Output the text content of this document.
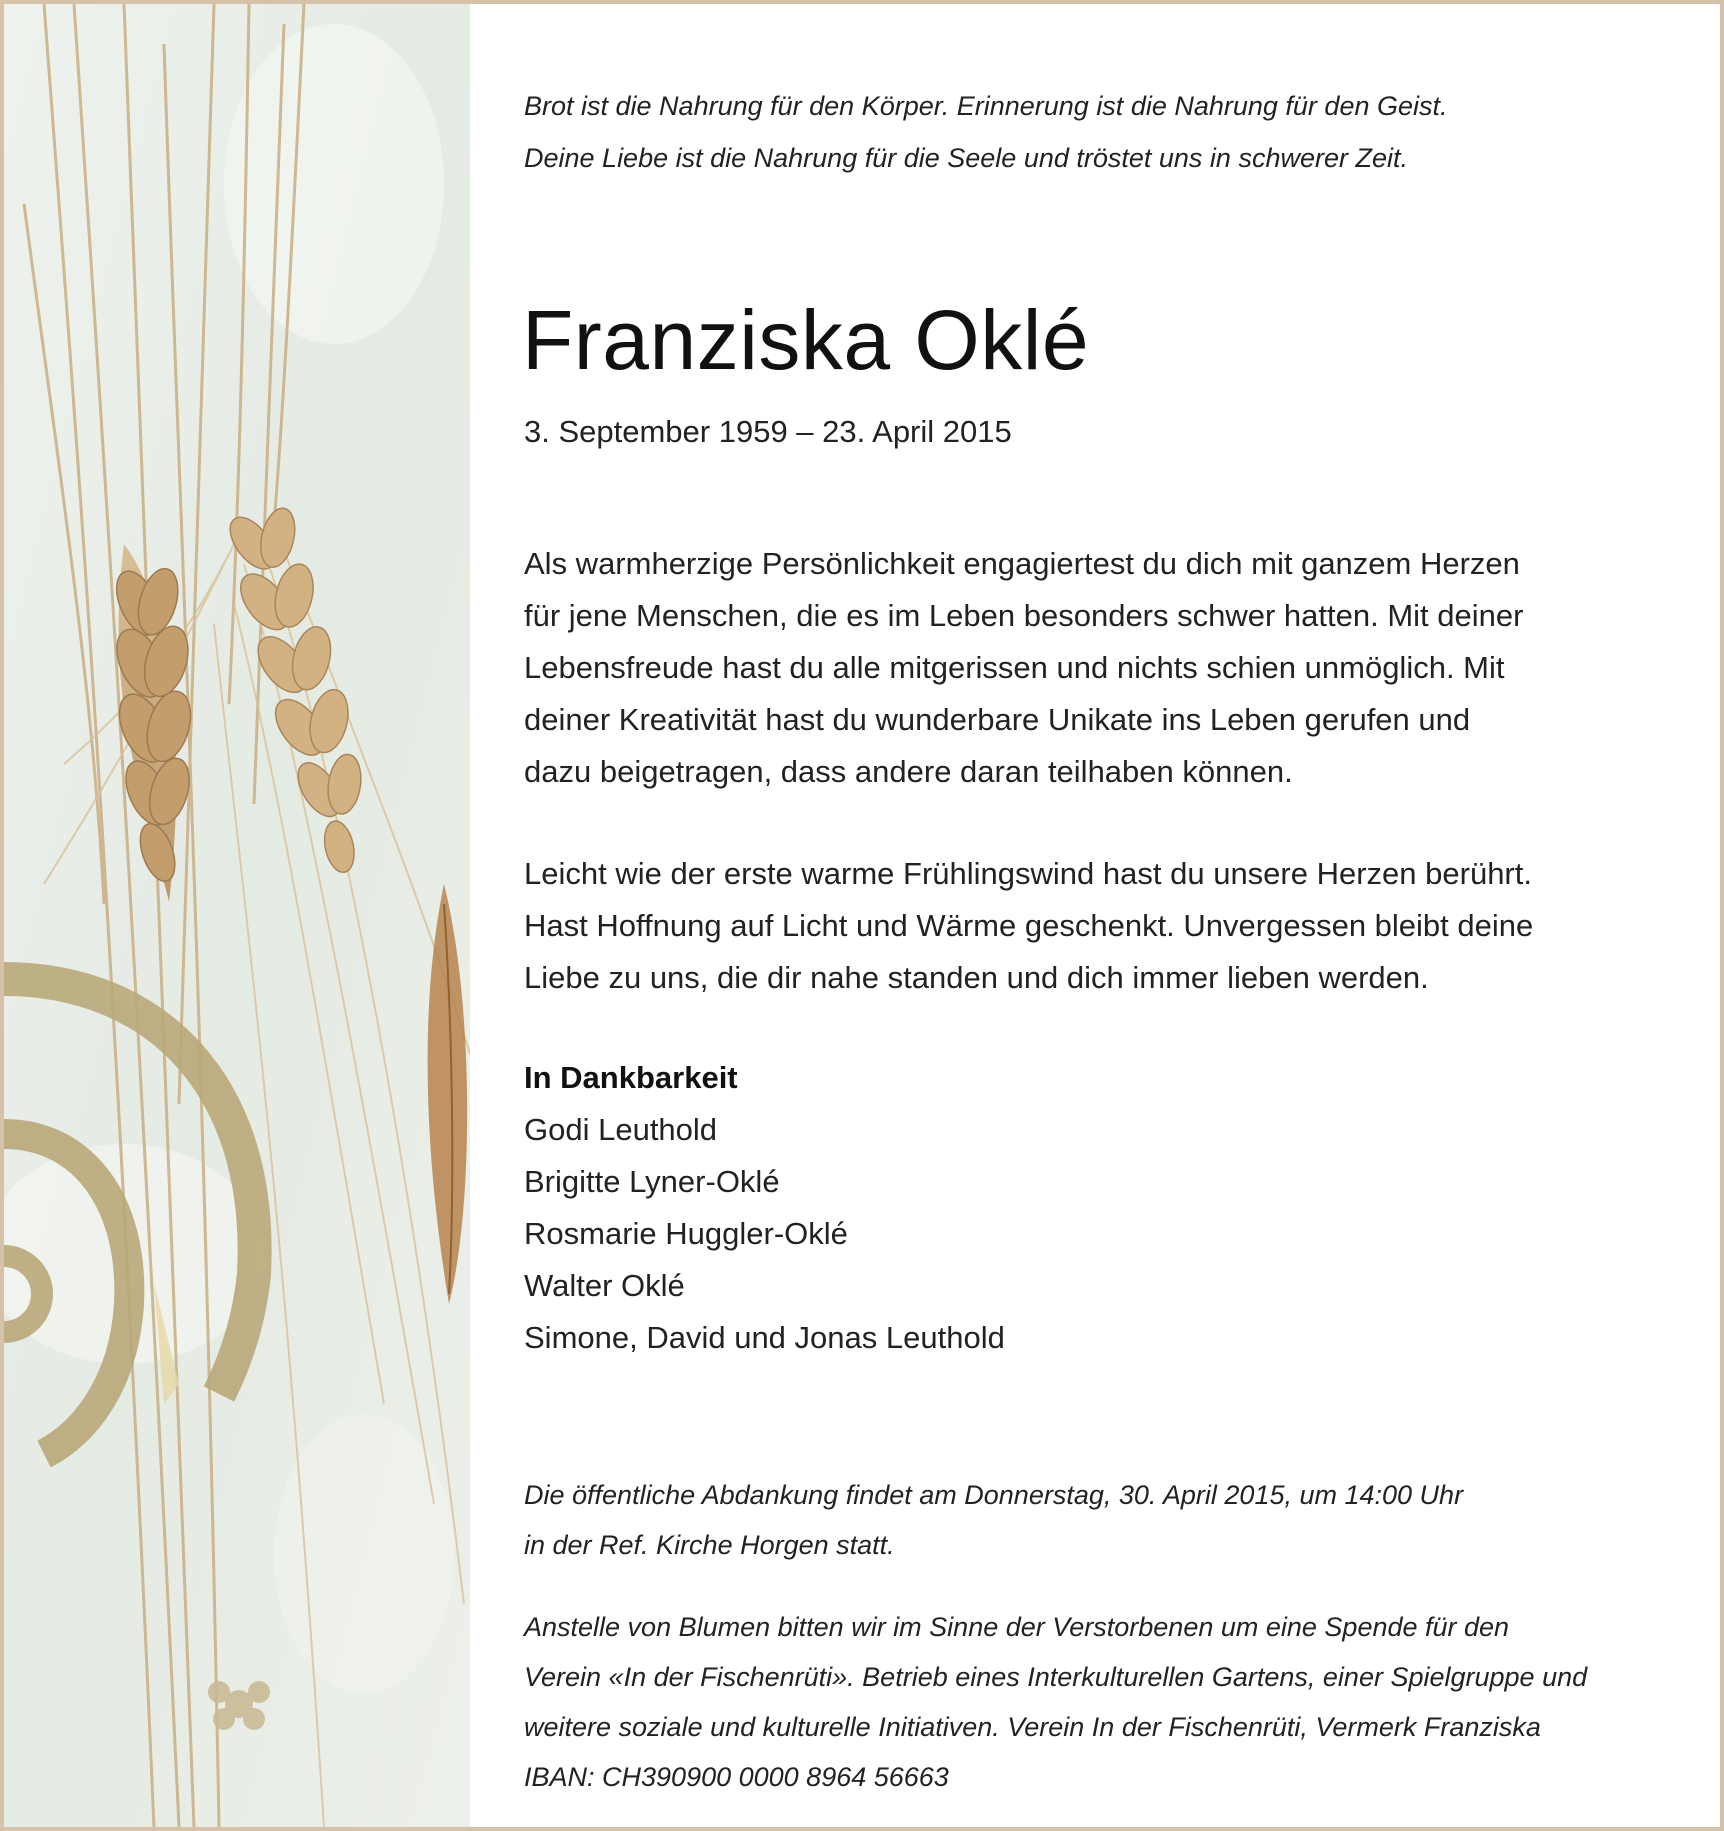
Brot ist die Nahrung für den Körper. Erinnerung ist die Nahrung für den Geist.
Deine Liebe ist die Nahrung für die Seele und tröstet uns in schwerer Zeit.
Franziska Oklé
3. September 1959 – 23. April 2015
Als warmherzige Persönlichkeit engagiertest du dich mit ganzem Herzen
für jene Menschen, die es im Leben besonders schwer hatten. Mit deiner
Lebensfreude hast du alle mitgerissen und nichts schien unmöglich. Mit
deiner Kreativität hast du wunderbare Unikate ins Leben gerufen und
dazu beigetragen, dass andere daran teilhaben können.
Leicht wie der erste warme Frühlingswind hast du unsere Herzen berührt.
Hast Hoffnung auf Licht und Wärme geschenkt. Unvergessen bleibt deine
Liebe zu uns, die dir nahe standen und dich immer lieben werden.
In Dankbarkeit
Godi Leuthold
Brigitte Lyner-Oklé
Rosmarie Huggler-Oklé
Walter Oklé
Simone, David und Jonas Leuthold
Die öffentliche Abdankung findet am Donnerstag, 30. April 2015, um 14:00 Uhr
in der Ref. Kirche Horgen statt.
Anstelle von Blumen bitten wir im Sinne der Verstorbenen um eine Spende für den
Verein «In der Fischenrüti». Betrieb eines Interkulturellen Gartens, einer Spielgruppe und
weitere soziale und kulturelle Initiativen. Verein In der Fischenrüti, Vermerk Franziska
IBAN: CH390900 0000 8964 56663
